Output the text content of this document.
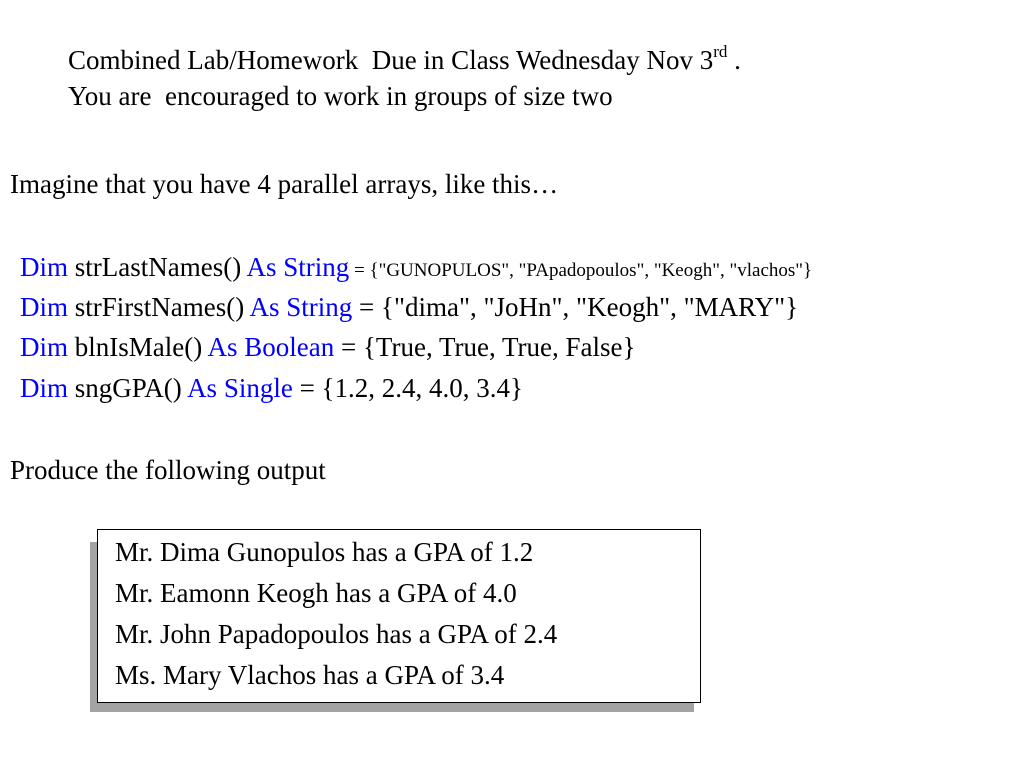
Combined Lab/Homework  Due in Class Wednesday Nov 3rd .
You are  encouraged to work in groups of size two
Imagine that you have 4 parallel arrays, like this…
Dim strLastNames() As String = {"GUNOPULOS", "PApadopoulos", "Keogh", "vlachos"}
Dim strFirstNames() As String = {"dima", "JoHn", "Keogh", "MARY"}
Dim blnIsMale() As Boolean = {True, True, True, False}
Dim sngGPA() As Single = {1.2, 2.4, 4.0, 3.4}
Produce the following output
Mr. Dima Gunopulos has a GPA of 1.2
Mr. Eamonn Keogh has a GPA of 4.0
Mr. John Papadopoulos has a GPA of 2.4
Ms. Mary Vlachos has a GPA of 3.4
